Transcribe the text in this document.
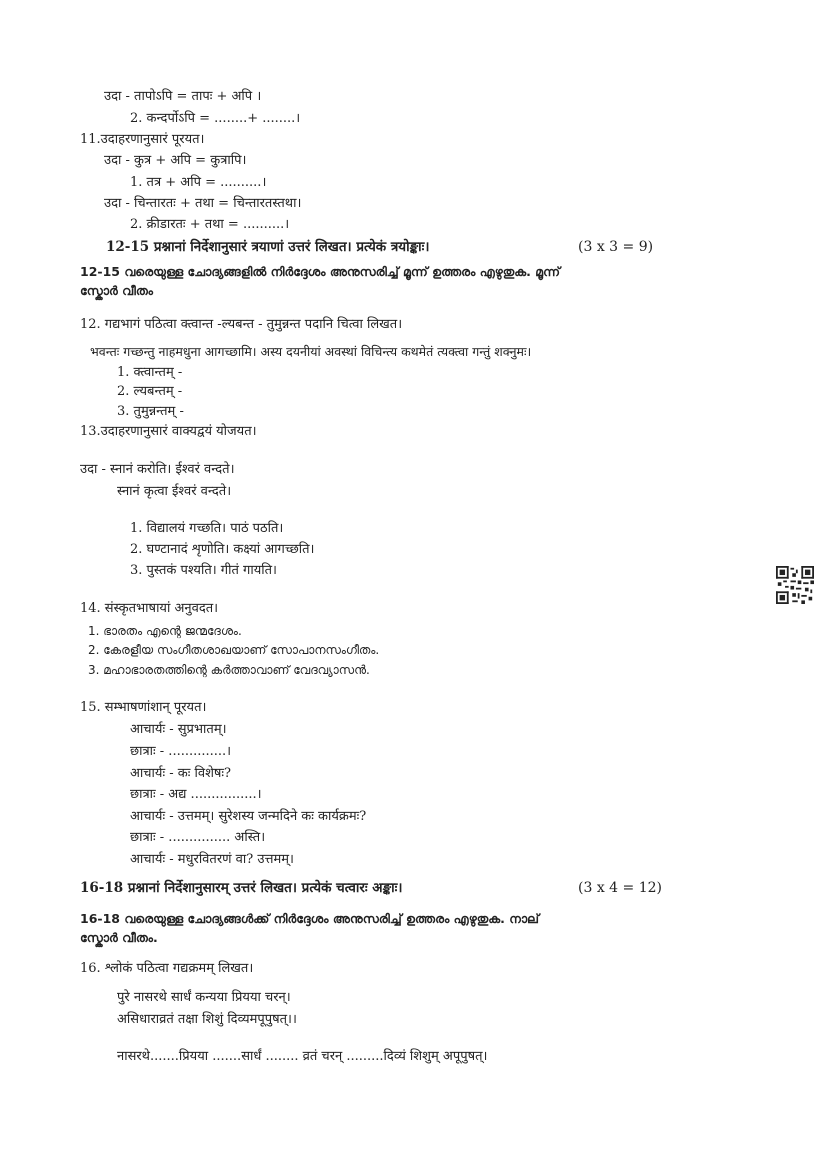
उदा - तापोऽपि = तापः + अपि ।
2. कन्दर्पोऽपि = ........+ ........।
11.उदाहरणानुसारं पूरयत।
उदा - कुत्र + अपि = कुत्रापि।
1. तत्र + अपि = ..........।
उदा - चिन्तारतः + तथा = चिन्तारतस्तथा।
2. क्रीडारतः + तथा = ..........।
12-15 प्रश्नानां निर्देशानुसारं त्रयाणां उत्तरं लिखत। प्रत्येकं त्रयोङ्काः।	(3 x 3 = 9)
12-15 വരെയുള്ള ചോദ്യങ്ങളിൽ നിർദ്ദേശം അനുസരിച്ച് മൂന്ന് ഉത്തരം എഴുതുക. മൂന്ന്
സ്കോർ വീതം
12. गद्यभागं पठित्वा क्त्वान्त -ल्यबन्त - तुमुन्नन्त पदानि चित्वा लिखत।
भवन्तः गच्छन्तु नाहमधुना आगच्छामि। अस्य दयनीयां अवस्थां विचिन्त्य कथमेतं त्यक्त्वा गन्तुं शक्नुमः।
1. क्त्वान्तम् -
2. ल्यबन्तम् -
3. तुमुन्नन्तम् -
13.उदाहरणानुसारं वाक्यद्वयं योजयत।
उदा - स्नानं करोति। ईश्वरं वन्दते।
स्नानं कृत्वा ईश्वरं वन्दते।
1. विद्यालयं गच्छति। पाठं पठति।
2. घण्टानादं शृणोति। कक्ष्यां आगच्छति।
3. पुस्तकं पश्यति। गीतं गायति।
14. संस्कृतभाषायां अनुवदत।
1. ഭാരതം എന്റെ ജന്മദേശം.
2. കേരളീയ സംഗീതശാഖയാണ് സോപാനസംഗീതം.
3. മഹാഭാരതത്തിന്റെ കർത്താവാണ് വേദവ്യാസൻ.
15. सम्भाषणांशान् पूरयत।
आचार्यः - सुप्रभातम्।
छात्राः - ..............।
आचार्यः - कः विशेषः?
छात्राः - अद्य ................।
आचार्यः - उत्तमम्। सुरेशस्य जन्मदिने कः कार्यक्रमः?
छात्राः - ............... अस्ति।
आचार्यः - मधुरवितरणं वा? उत्तमम्।
16-18 प्रश्नानां निर्देशानुसारम् उत्तरं लिखत। प्रत्येकं चत्वारः अङ्काः।	(3 x 4 = 12)
16-18 വരെയുള്ള ചോദ്യങ്ങൾക്ക് നിർദ്ദേശം അനുസരിച്ച് ഉത്തരം എഴുതുക. നാല്
സ്കോർ വീതം.
16. श्लोकं पठित्वा गद्यक्रमम् लिखत।
पुरे नासरथे सार्धं कन्यया प्रियया चरन्।
असिधाराव्रतं तक्षा शिशुं दिव्यमपूपुषत्।।
नासरथे.......प्रियया .......सार्धं ........ व्रतं चरन् .........दिव्यं शिशुम् अपूपुषत्।
